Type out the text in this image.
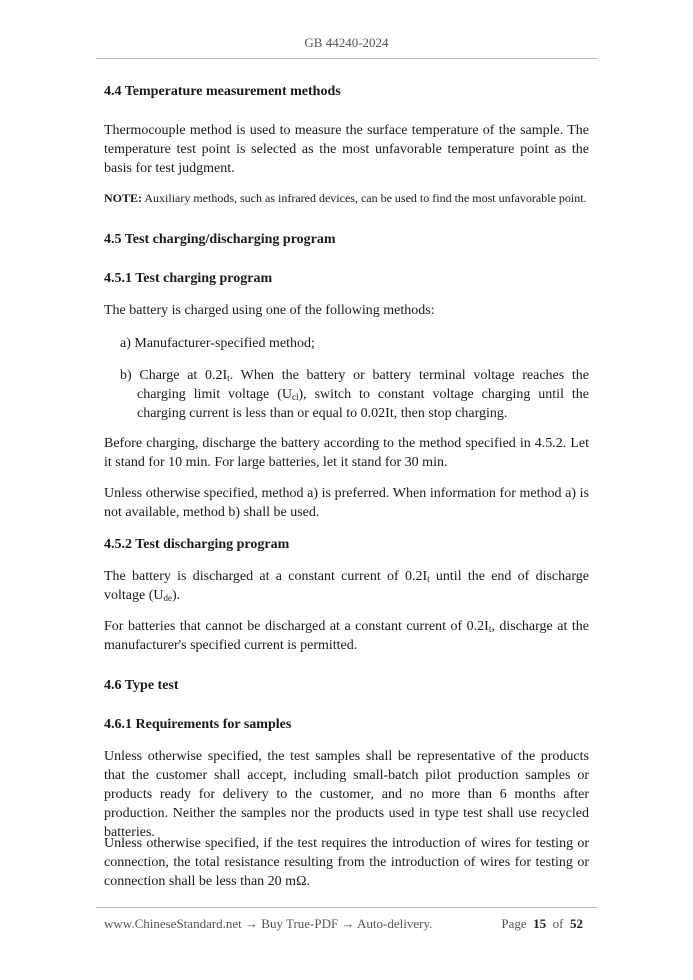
GB 44240-2024
4.4 Temperature measurement methods
Thermocouple method is used to measure the surface temperature of the sample. The temperature test point is selected as the most unfavorable temperature point as the basis for test judgment.
NOTE: Auxiliary methods, such as infrared devices, can be used to find the most unfavorable point.
4.5 Test charging/discharging program
4.5.1 Test charging program
The battery is charged using one of the following methods:
a) Manufacturer-specified method;
b) Charge at $0.2I_t$. When the battery or battery terminal voltage reaches the charging limit voltage $(U_{cl})$, switch to constant voltage charging until the charging current is less than or equal to 0.02It, then stop charging.
Before charging, discharge the battery according to the method specified in 4.5.2. Let it stand for 10 min. For large batteries, let it stand for 30 min.
Unless otherwise specified, method a) is preferred. When information for method a) is not available, method b) shall be used.
4.5.2 Test discharging program
The battery is discharged at a constant current of $0.2I_t$ until the end of discharge voltage $(U_{de})$.
For batteries that cannot be discharged at a constant current of $0.2I_t$, discharge at the manufacturer's specified current is permitted.
4.6 Type test
4.6.1 Requirements for samples
Unless otherwise specified, the test samples shall be representative of the products that the customer shall accept, including small-batch pilot production samples or products ready for delivery to the customer, and no more than 6 months after production. Neither the samples nor the products used in type test shall use recycled batteries.
Unless otherwise specified, if the test requires the introduction of wires for testing or connection, the total resistance resulting from the introduction of wires for testing or connection shall be less than 20 mΩ.
www.ChineseStandard.net → Buy True-PDF → Auto-delivery.	Page 15 of 52
